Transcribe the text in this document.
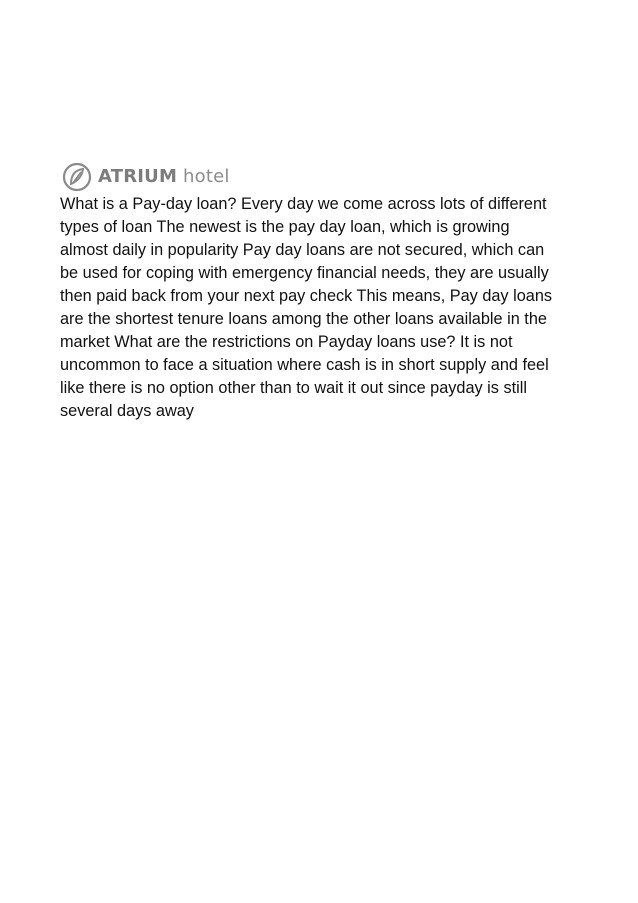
ATRIUM hotel

What is a Pay-day loan? Every day we come across lots of different
types of loan The newest is the pay day loan, which is growing
almost daily in popularity Pay day loans are not secured, which can
be used for coping with emergency financial needs, they are usually
then paid back from your next pay check This means, Pay day loans
are the shortest tenure loans among the other loans available in the
market What are the restrictions on Payday loans use? It is not
uncommon to face a situation where cash is in short supply and feel
like there is no option other than to wait it out since payday is still
several days away
